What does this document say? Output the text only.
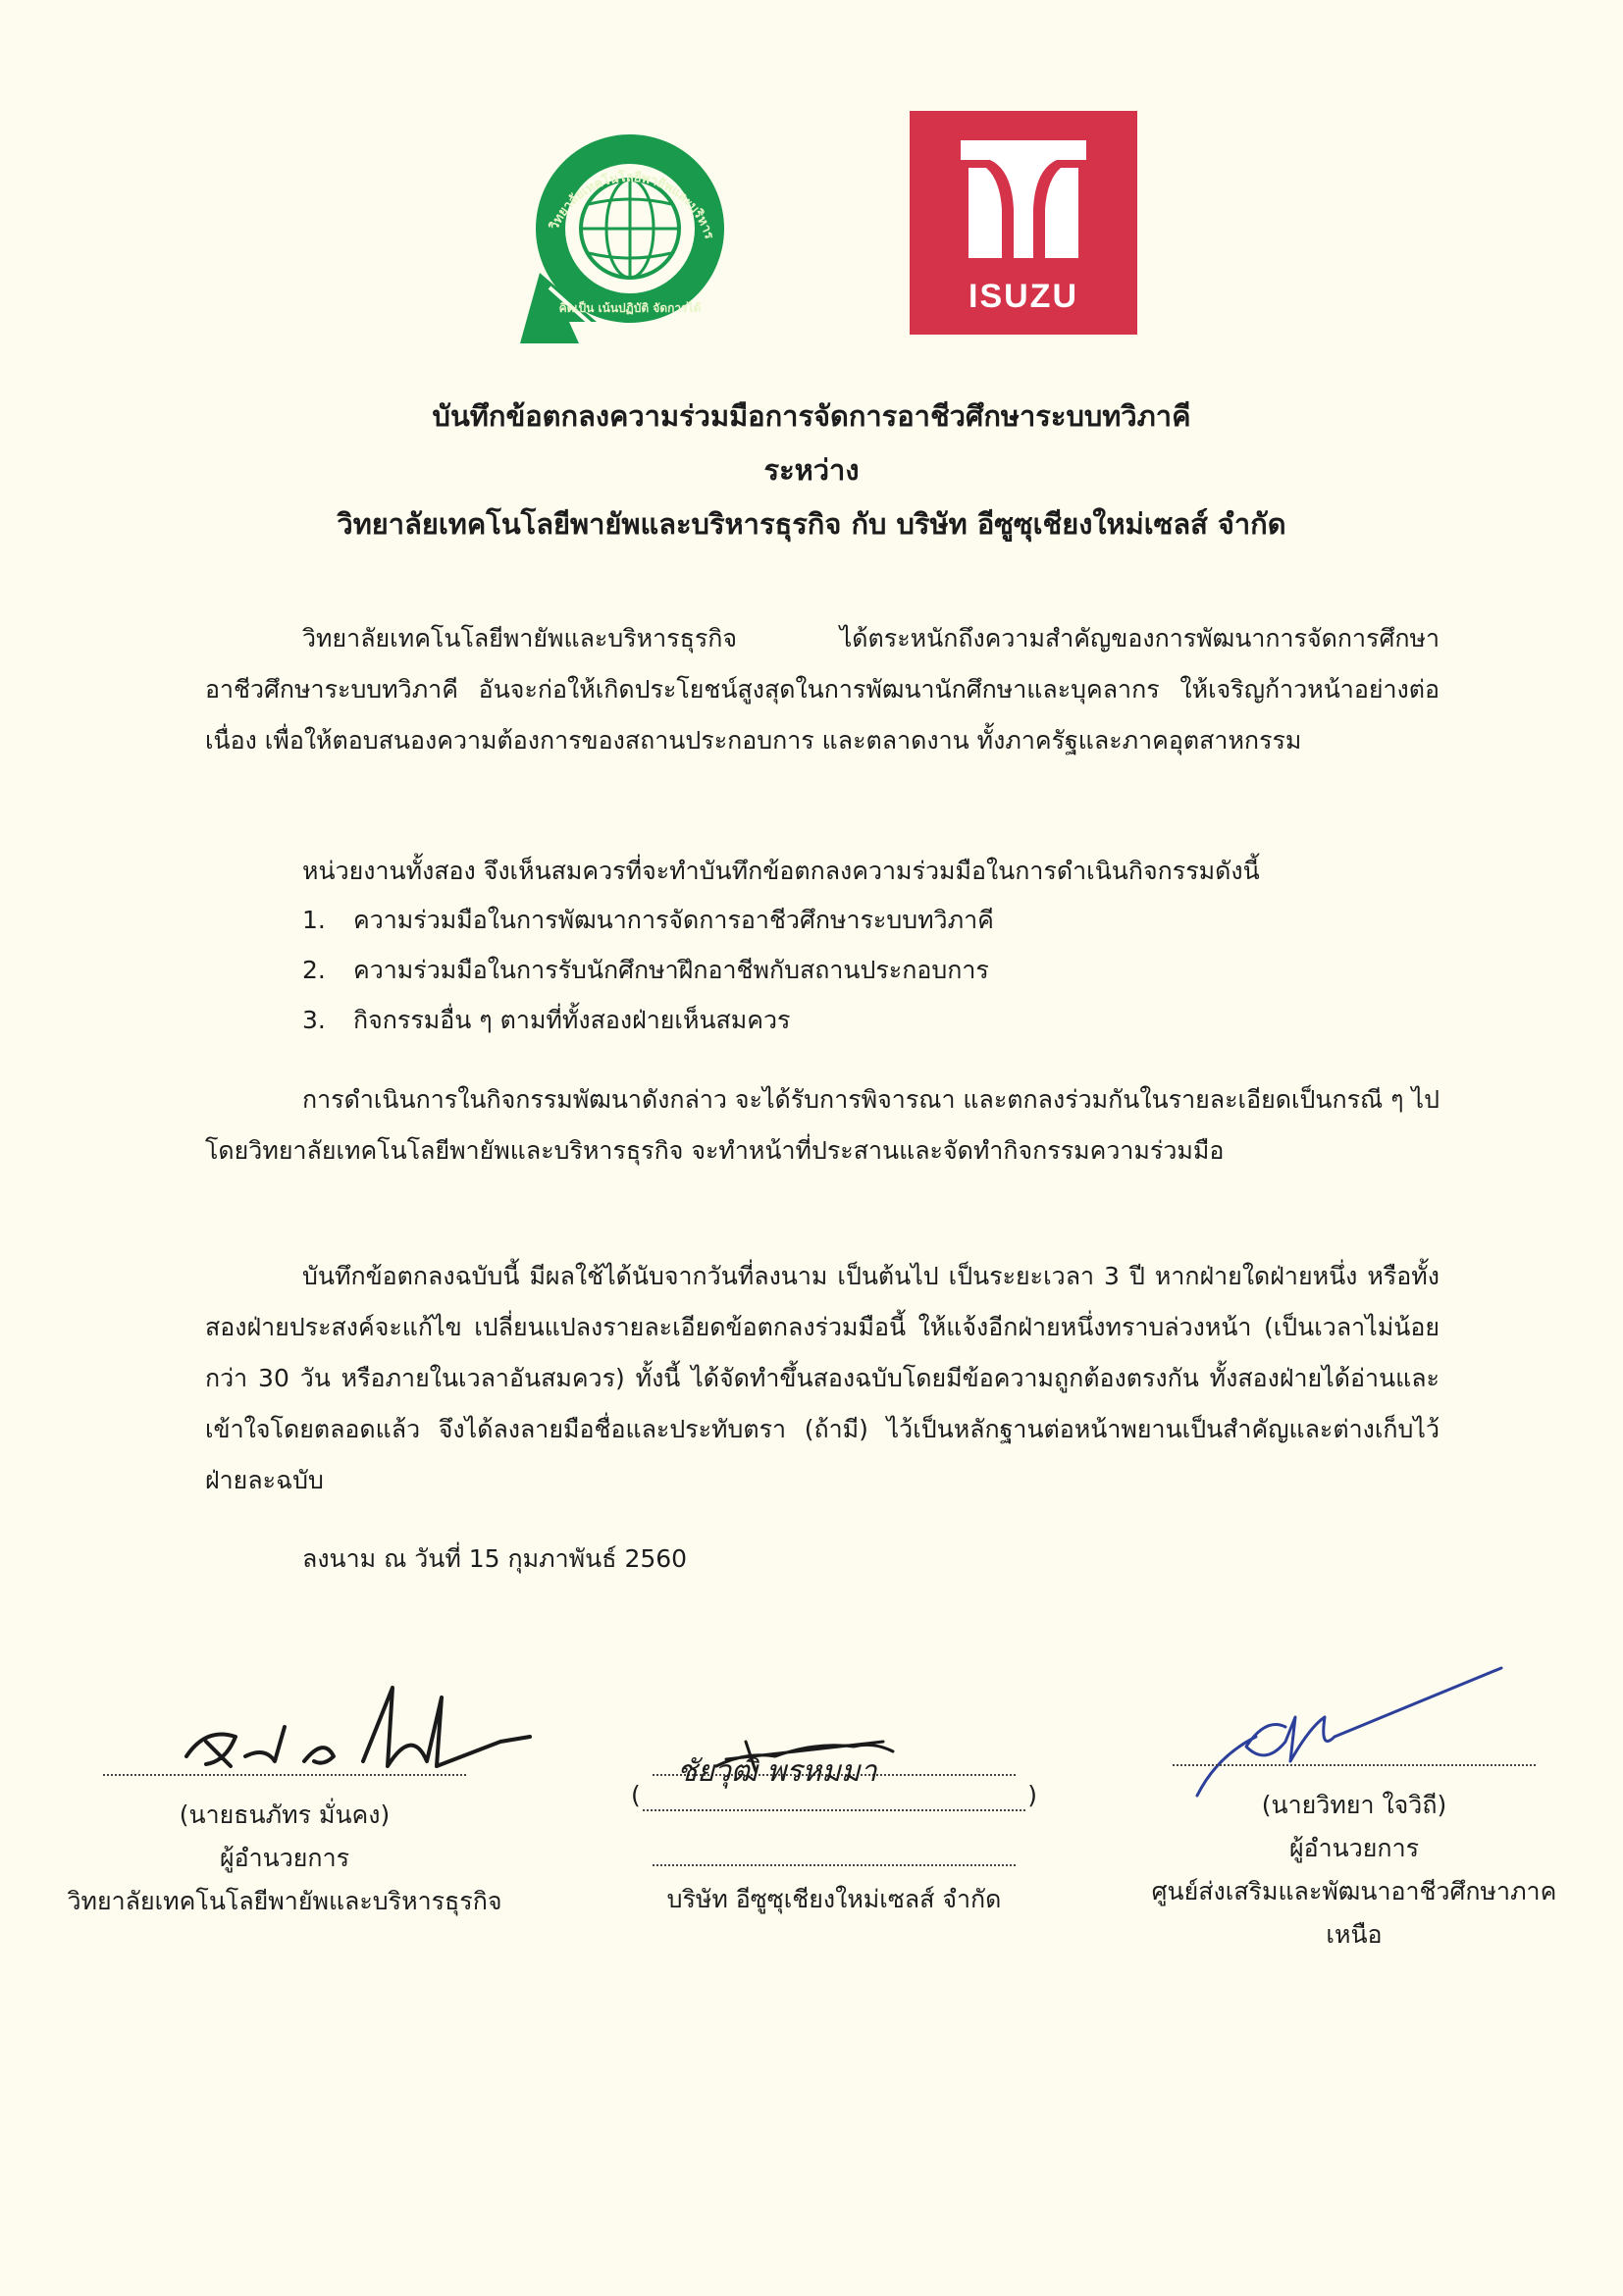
วิทยาลัยเทคโนโลยีพายัพและบริหาร
คิดเป็น เน้นปฏิบัติ จัดการได้	ISUZU
บันทึกข้อตกลงความร่วมมือการจัดการอาชีวศึกษาระบบทวิภาคี
ระหว่าง
วิทยาลัยเทคโนโลยีพายัพและบริหารธุรกิจ กับ บริษัท อีซูซุเชียงใหม่เซลส์ จำกัด

วิทยาลัยเทคโนโลยีพายัพและบริหารธุรกิจ ได้ตระหนักถึงความสำคัญของการพัฒนาการจัดการศึกษาอาชีวศึกษาระบบทวิภาคี อันจะก่อให้เกิดประโยชน์สูงสุดในการพัฒนานักศึกษาและบุคลากร ให้เจริญก้าวหน้าอย่างต่อเนื่อง เพื่อให้ตอบสนองความต้องการของสถานประกอบการ และตลาดงาน ทั้งภาครัฐและภาคอุตสาหกรรม

หน่วยงานทั้งสอง จึงเห็นสมควรที่จะทำบันทึกข้อตกลงความร่วมมือในการดำเนินกิจกรรมดังนี้

1. ความร่วมมือในการพัฒนาการจัดการอาชีวศึกษาระบบทวิภาคี
2. ความร่วมมือในการรับนักศึกษาฝึกอาชีพกับสถานประกอบการ
3. กิจกรรมอื่น ๆ ตามที่ทั้งสองฝ่ายเห็นสมควร

การดำเนินการในกิจกรรมพัฒนาดังกล่าว จะได้รับการพิจารณา และตกลงร่วมกันในรายละเอียดเป็นกรณี ๆ ไป โดยวิทยาลัยเทคโนโลยีพายัพและบริหารธุรกิจ จะทำหน้าที่ประสานและจัดทำกิจกรรมความร่วมมือ

บันทึกข้อตกลงฉบับนี้ มีผลใช้ได้นับจากวันที่ลงนาม เป็นต้นไป เป็นระยะเวลา 3 ปี หากฝ่ายใดฝ่ายหนึ่ง หรือทั้งสองฝ่ายประสงค์จะแก้ไข เปลี่ยนแปลงรายละเอียดข้อตกลงร่วมมือนี้ ให้แจ้งอีกฝ่ายหนึ่งทราบล่วงหน้า (เป็นเวลาไม่น้อยกว่า 30 วัน หรือภายในเวลาอันสมควร) ทั้งนี้ ได้จัดทำขึ้นสองฉบับโดยมีข้อความถูกต้องตรงกัน ทั้งสองฝ่ายได้อ่านและเข้าใจโดยตลอดแล้ว จึงได้ลงลายมือชื่อและประทับตรา (ถ้ามี) ไว้เป็นหลักฐานต่อหน้าพยานเป็นสำคัญและต่างเก็บไว้ฝ่ายละฉบับ

ลงนาม ณ วันที่ 15 กุมภาพันธ์ 2560

(นายธนภัทร มั่นคง)
ผู้อำนวยการ
วิทยาลัยเทคโนโลยีพายัพและบริหารธุรกิจ
ชัยวุฒิ พรหมมา
(	)
บริษัท อีซูซุเชียงใหม่เซลส์ จำกัด
(นายวิทยา ใจวิถี)
ผู้อำนวยการ
ศูนย์ส่งเสริมและพัฒนาอาชีวศึกษาภาคเหนือ
